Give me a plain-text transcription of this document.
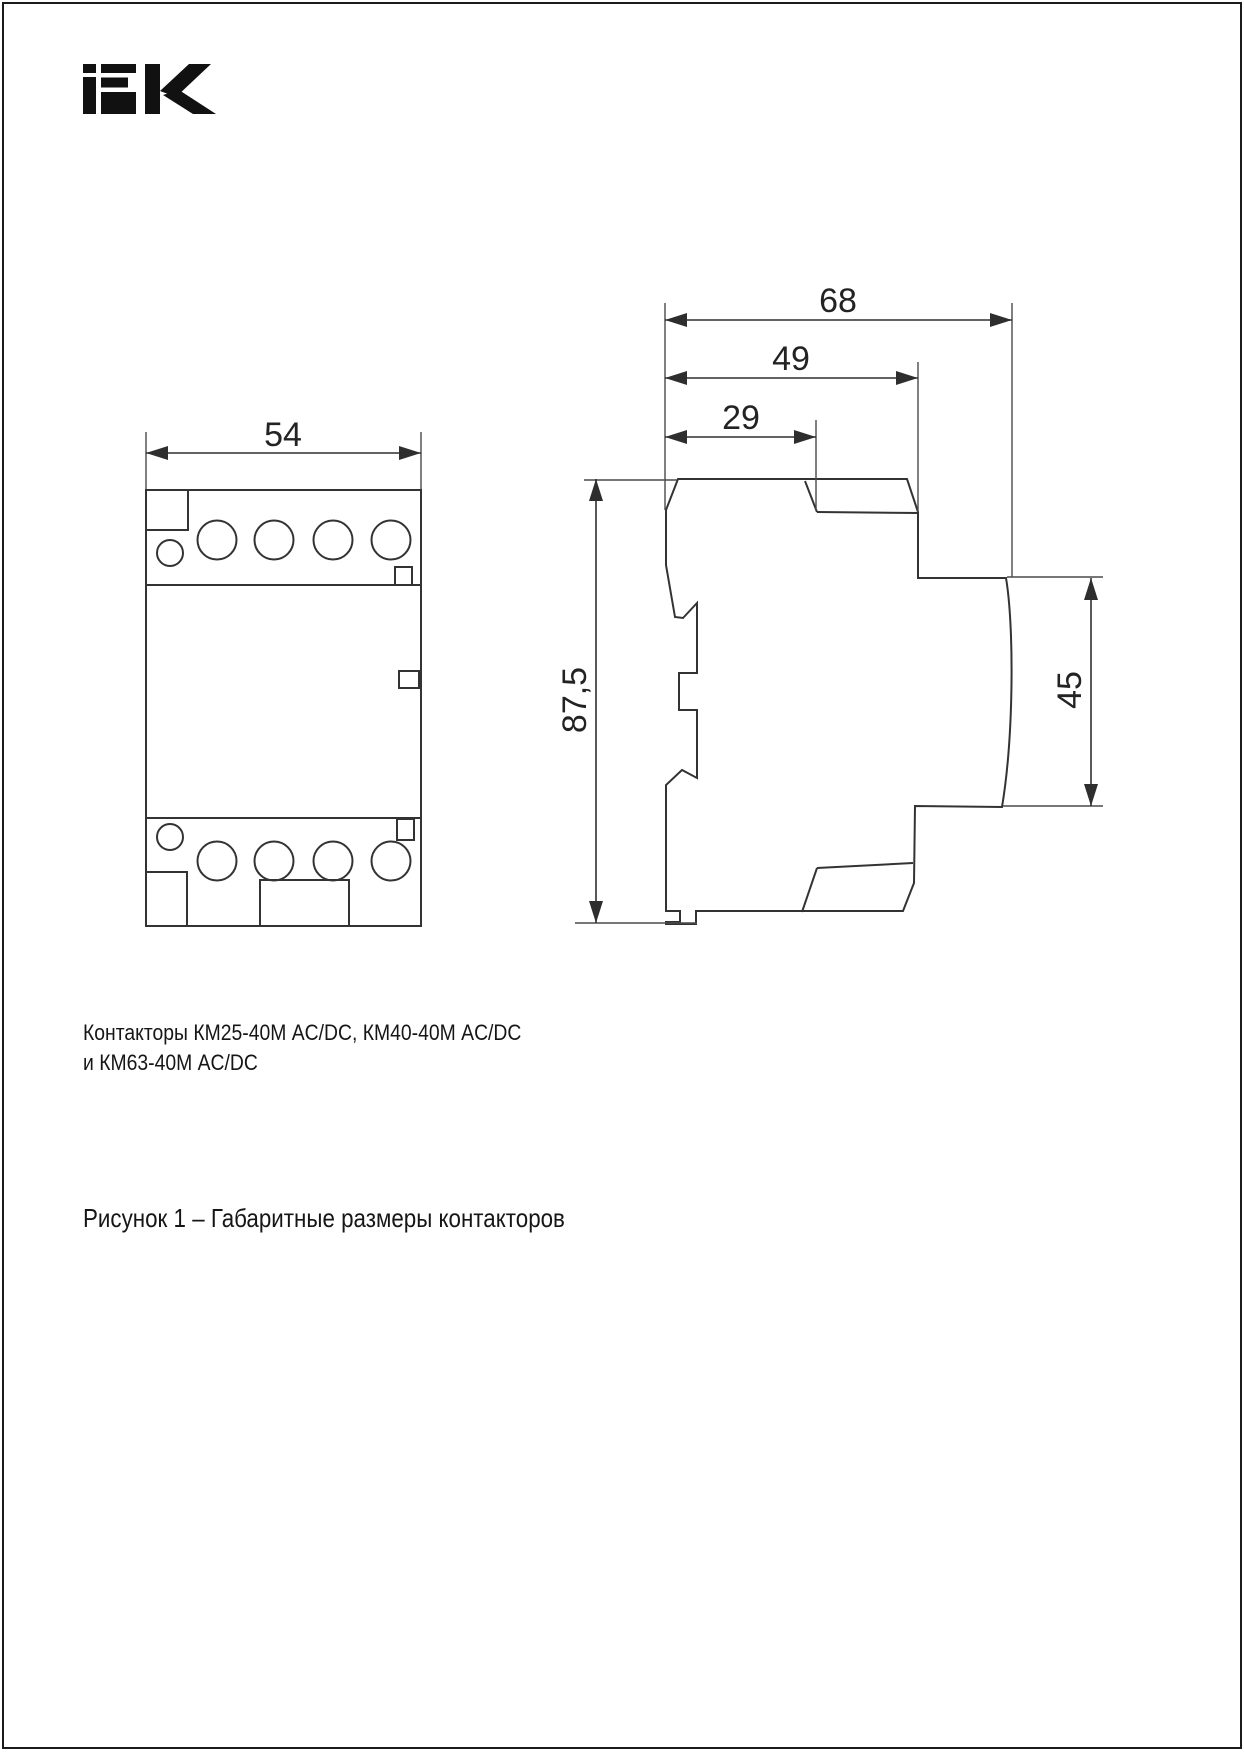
54
68
49
29
87,5	45
Контакторы КМ25-40М AC/DC, КМ40-40М AC/DC
и КМ63-40М AC/DC
Рисунок 1 – Габаритные размеры контакторов
